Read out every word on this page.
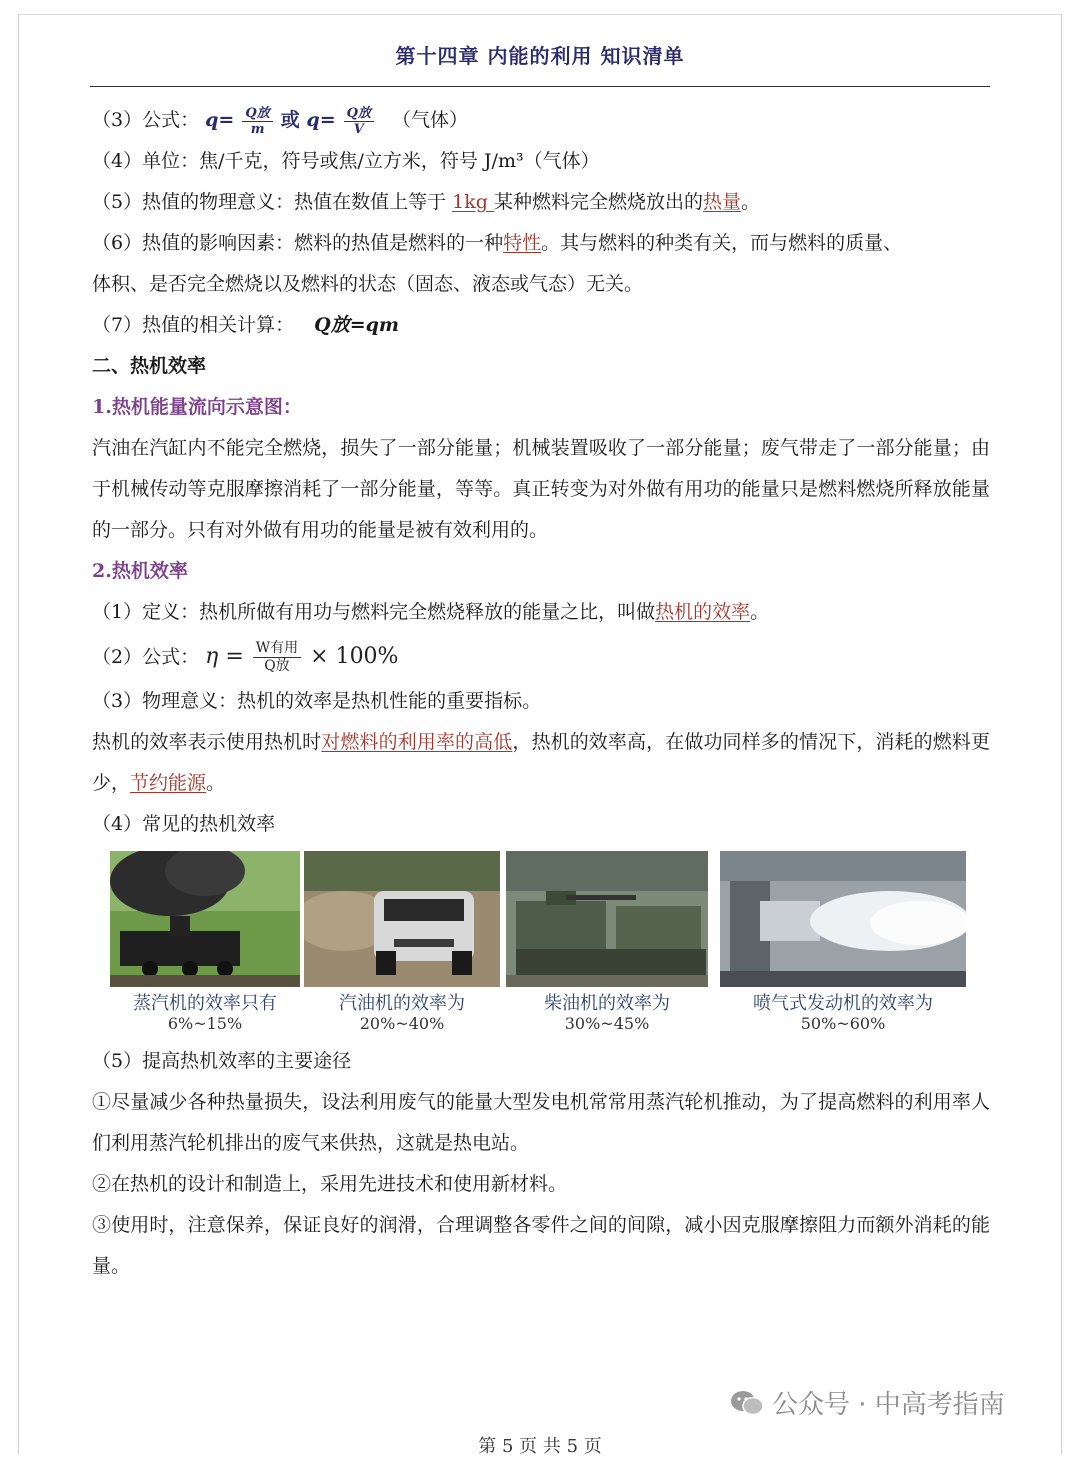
第十四章 内能的利用 知识清单
（3）公式： $q= \frac{\text{Q放}}{m}$ 或 $q= \frac{\text{Q放}}{V}$ （气体）
（4）单位：焦/千克，符号或焦/立方米，符号 J/m³（气体）
（5）热值的物理意义：热值在数值上等于 1kg 某种燃料完全燃烧放出的热量。
（6）热值的影响因素：燃料的热值是燃料的一种特性。其与燃料的种类有关，而与燃料的质量、
体积、是否完全燃烧以及燃料的状态（固态、液态或气态）无关。
（7）热值的相关计算： Q放=qm
二、热机效率
1.热机能量流向示意图：
汽油在汽缸内不能完全燃烧，损失了一部分能量；机械装置吸收了一部分能量；废气带走了一部分能量；由于机械传动等克服摩擦消耗了一部分能量，等等。真正转变为对外做有用功的能量只是燃料燃烧所释放能量的一部分。只有对外做有用功的能量是被有效利用的。
2.热机效率
（1）定义：热机所做有用功与燃料完全燃烧释放的能量之比，叫做热机的效率。
（2）公式： $\eta = \frac{\text{W有用}}{\text{Q放}} \times 100\%$
（3）物理意义：热机的效率是热机性能的重要指标。
热机的效率表示使用热机时对燃料的利用率的高低，热机的效率高，在做功同样多的情况下，消耗的燃料更少，节约能源。
（4）常见的热机效率
蒸汽机的效率只有
6%~15%
汽油机的效率为
20%~40%
柴油机的效率为
30%~45%
喷气式发动机的效率为
50%~60%
（5）提高热机效率的主要途径
①尽量减少各种热量损失，设法利用废气的能量大型发电机常常用蒸汽轮机推动，为了提高燃料的利用率人们利用蒸汽轮机排出的废气来供热，这就是热电站。
②在热机的设计和制造上，采用先进技术和使用新材料。
③使用时，注意保养，保证良好的润滑，合理调整各零件之间的间隙，减小因克服摩擦阻力而额外消耗的能量。
公众号 · 中高考指南
第 5 页 共 5 页
